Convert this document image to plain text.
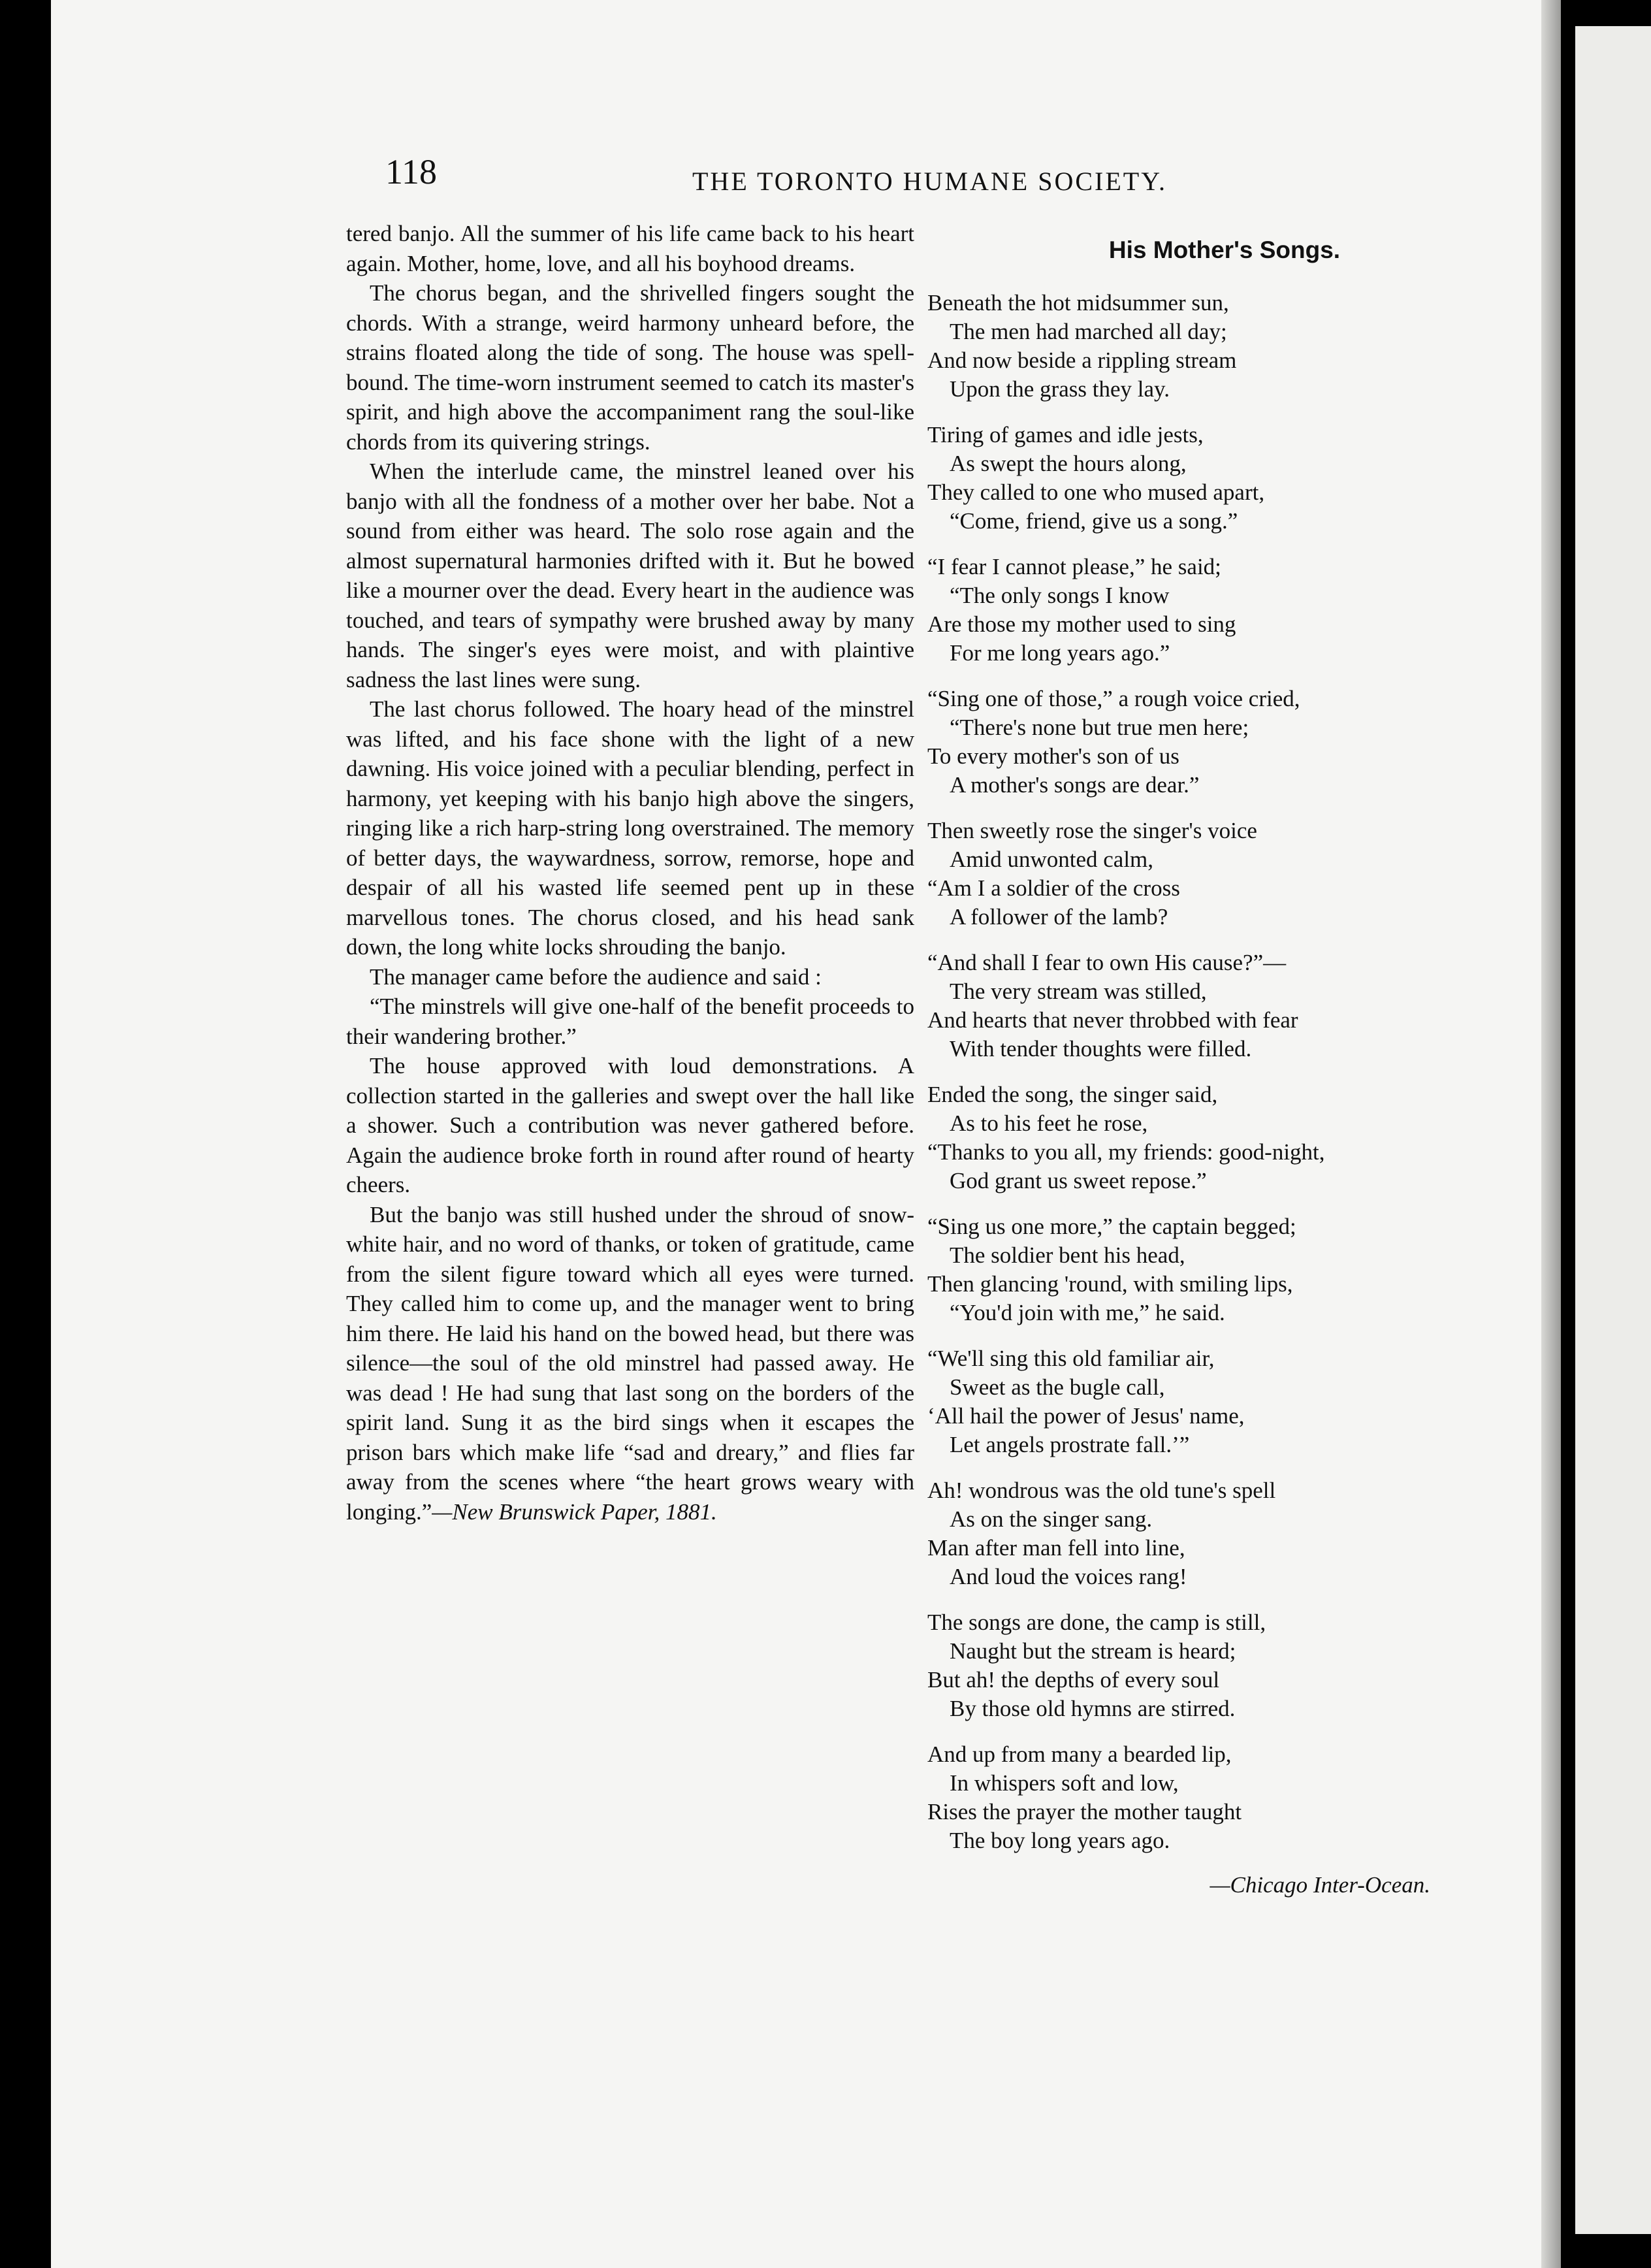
118	THE TORONTO HUMANE SOCIETY.

tered banjo. All the summer of his life came back to his heart again. Mother, home, love, and all his boyhood dreams.

The chorus began, and the shrivelled fingers sought the chords. With a strange, weird harmony unheard before, the strains floated along the tide of song. The house was spell-bound. The time-worn instrument seemed to catch its master's spirit, and high above the accompaniment rang the soul-like chords from its quivering strings.

When the interlude came, the minstrel leaned over his banjo with all the fondness of a mother over her babe. Not a sound from either was heard. The solo rose again and the almost supernatural harmonies drifted with it. But he bowed like a mourner over the dead. Every heart in the audience was touched, and tears of sympathy were brushed away by many hands. The singer's eyes were moist, and with plaintive sadness the last lines were sung.

The last chorus followed. The hoary head of the minstrel was lifted, and his face shone with the light of a new dawning. His voice joined with a peculiar blending, perfect in harmony, yet keeping with his banjo high above the singers, ringing like a rich harp-string long overstrained. The memory of better days, the waywardness, sorrow, remorse, hope and despair of all his wasted life seemed pent up in these marvellous tones. The chorus closed, and his head sank down, the long white locks shrouding the banjo.

The manager came before the audience and said :

“The minstrels will give one-half of the benefit proceeds to their wandering brother.”

The house approved with loud demonstrations. A collection started in the galleries and swept over the hall like a shower. Such a contribution was never gathered before. Again the audience broke forth in round after round of hearty cheers.

But the banjo was still hushed under the shroud of snow-white hair, and no word of thanks, or token of gratitude, came from the silent figure toward which all eyes were turned. They called him to come up, and the manager went to bring him there. He laid his hand on the bowed head, but there was silence—the soul of the old minstrel had passed away. He was dead ! He had sung that last song on the borders of the spirit land. Sung it as the bird sings when it escapes the prison bars which make life “sad and dreary,” and flies far away from the scenes where “the heart grows weary with longing.”—New Brunswick Paper, 1881.

His Mother's Songs.
Beneath the hot midsummer sun,
The men had marched all day;
And now beside a rippling stream
Upon the grass they lay.
Tiring of games and idle jests,
As swept the hours along,
They called to one who mused apart,
“Come, friend, give us a song.”
“I fear I cannot please,” he said;
“The only songs I know
Are those my mother used to sing
For me long years ago.”
“Sing one of those,” a rough voice cried,
“There's none but true men here;
To every mother's son of us
A mother's songs are dear.”
Then sweetly rose the singer's voice
Amid unwonted calm,
“Am I a soldier of the cross
A follower of the lamb?
“And shall I fear to own His cause?”—
The very stream was stilled,
And hearts that never throbbed with fear
With tender thoughts were filled.
Ended the song, the singer said,
As to his feet he rose,
“Thanks to you all, my friends: good-night,
God grant us sweet repose.”
“Sing us one more,” the captain begged;
The soldier bent his head,
Then glancing 'round, with smiling lips,
“You'd join with me,” he said.
“We'll sing this old familiar air,
Sweet as the bugle call,
‘All hail the power of Jesus' name,
Let angels prostrate fall.’”
Ah! wondrous was the old tune's spell
As on the singer sang.
Man after man fell into line,
And loud the voices rang!
The songs are done, the camp is still,
Naught but the stream is heard;
But ah! the depths of every soul
By those old hymns are stirred.
And up from many a bearded lip,
In whispers soft and low,
Rises the prayer the mother taught
The boy long years ago.
—Chicago Inter-Ocean.
